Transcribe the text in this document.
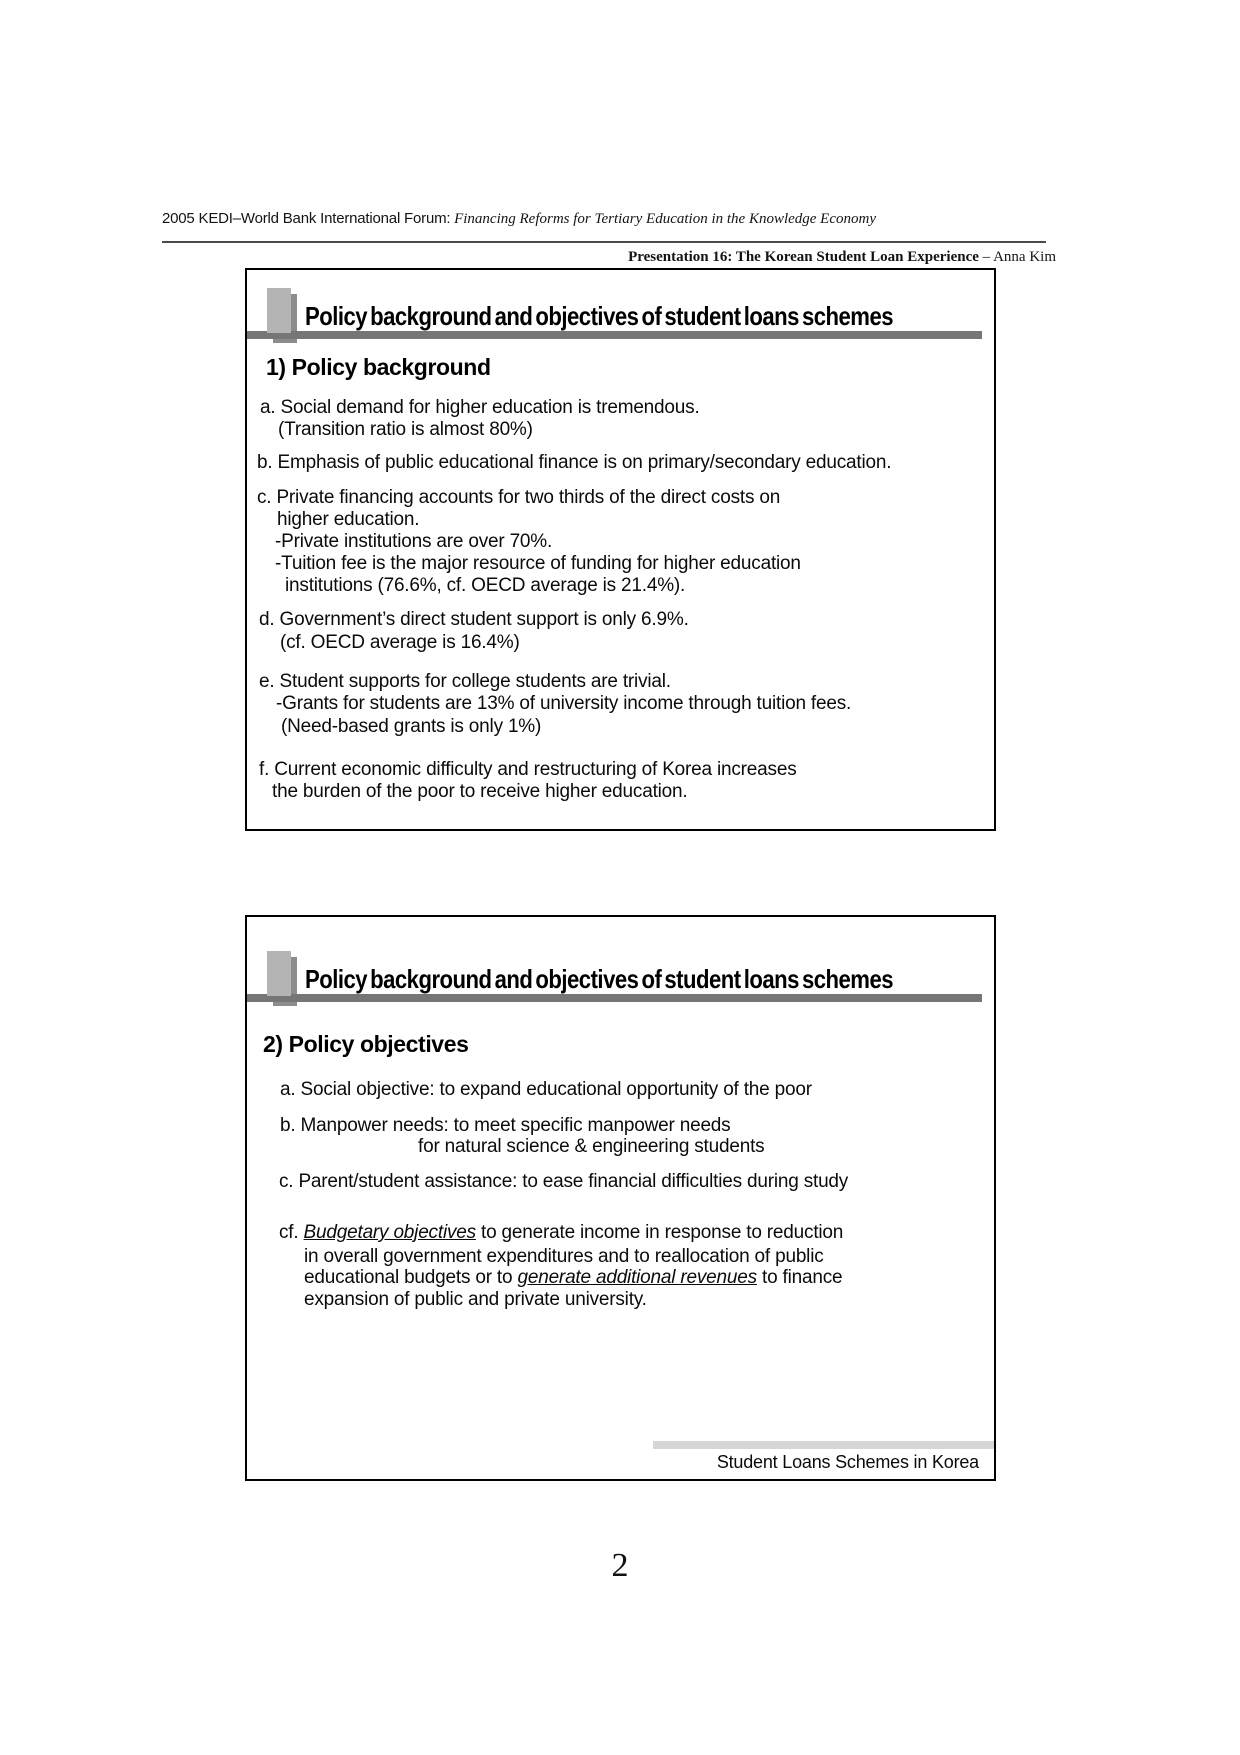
2005 KEDI–World Bank International Forum: Financing Reforms for Tertiary Education in the Knowledge Economy
Presentation 16: The Korean Student Loan Experience – Anna Kim
Policy background and objectives of student loans schemes
1) Policy background
a. Social demand for higher education is tremendous.
(Transition ratio is almost 80%)
b. Emphasis of public educational finance is on primary/secondary education.
c. Private financing accounts for two thirds of the direct costs on
higher education.
-Private institutions are over 70%.
-Tuition fee is the major resource of funding for higher education
institutions (76.6%, cf. OECD average is 21.4%).
d. Government’s direct student support is only 6.9%.
(cf. OECD average is 16.4%)
e. Student supports for college students are trivial.
-Grants for students are 13% of university income through tuition fees.
(Need-based grants is only 1%)
f. Current economic difficulty and restructuring of Korea increases
the burden of the poor to receive higher education.
Policy background and objectives of student loans schemes
2) Policy objectives
a. Social objective: to expand educational opportunity of the poor
b. Manpower needs: to meet specific manpower needs
for natural science & engineering students
c. Parent/student assistance: to ease financial difficulties during study
cf. Budgetary objectives to generate income in response to reduction
in overall government expenditures and to reallocation of public
educational budgets or to generate additional revenues to finance
expansion of public and private university.
Student Loans Schemes in Korea
2
